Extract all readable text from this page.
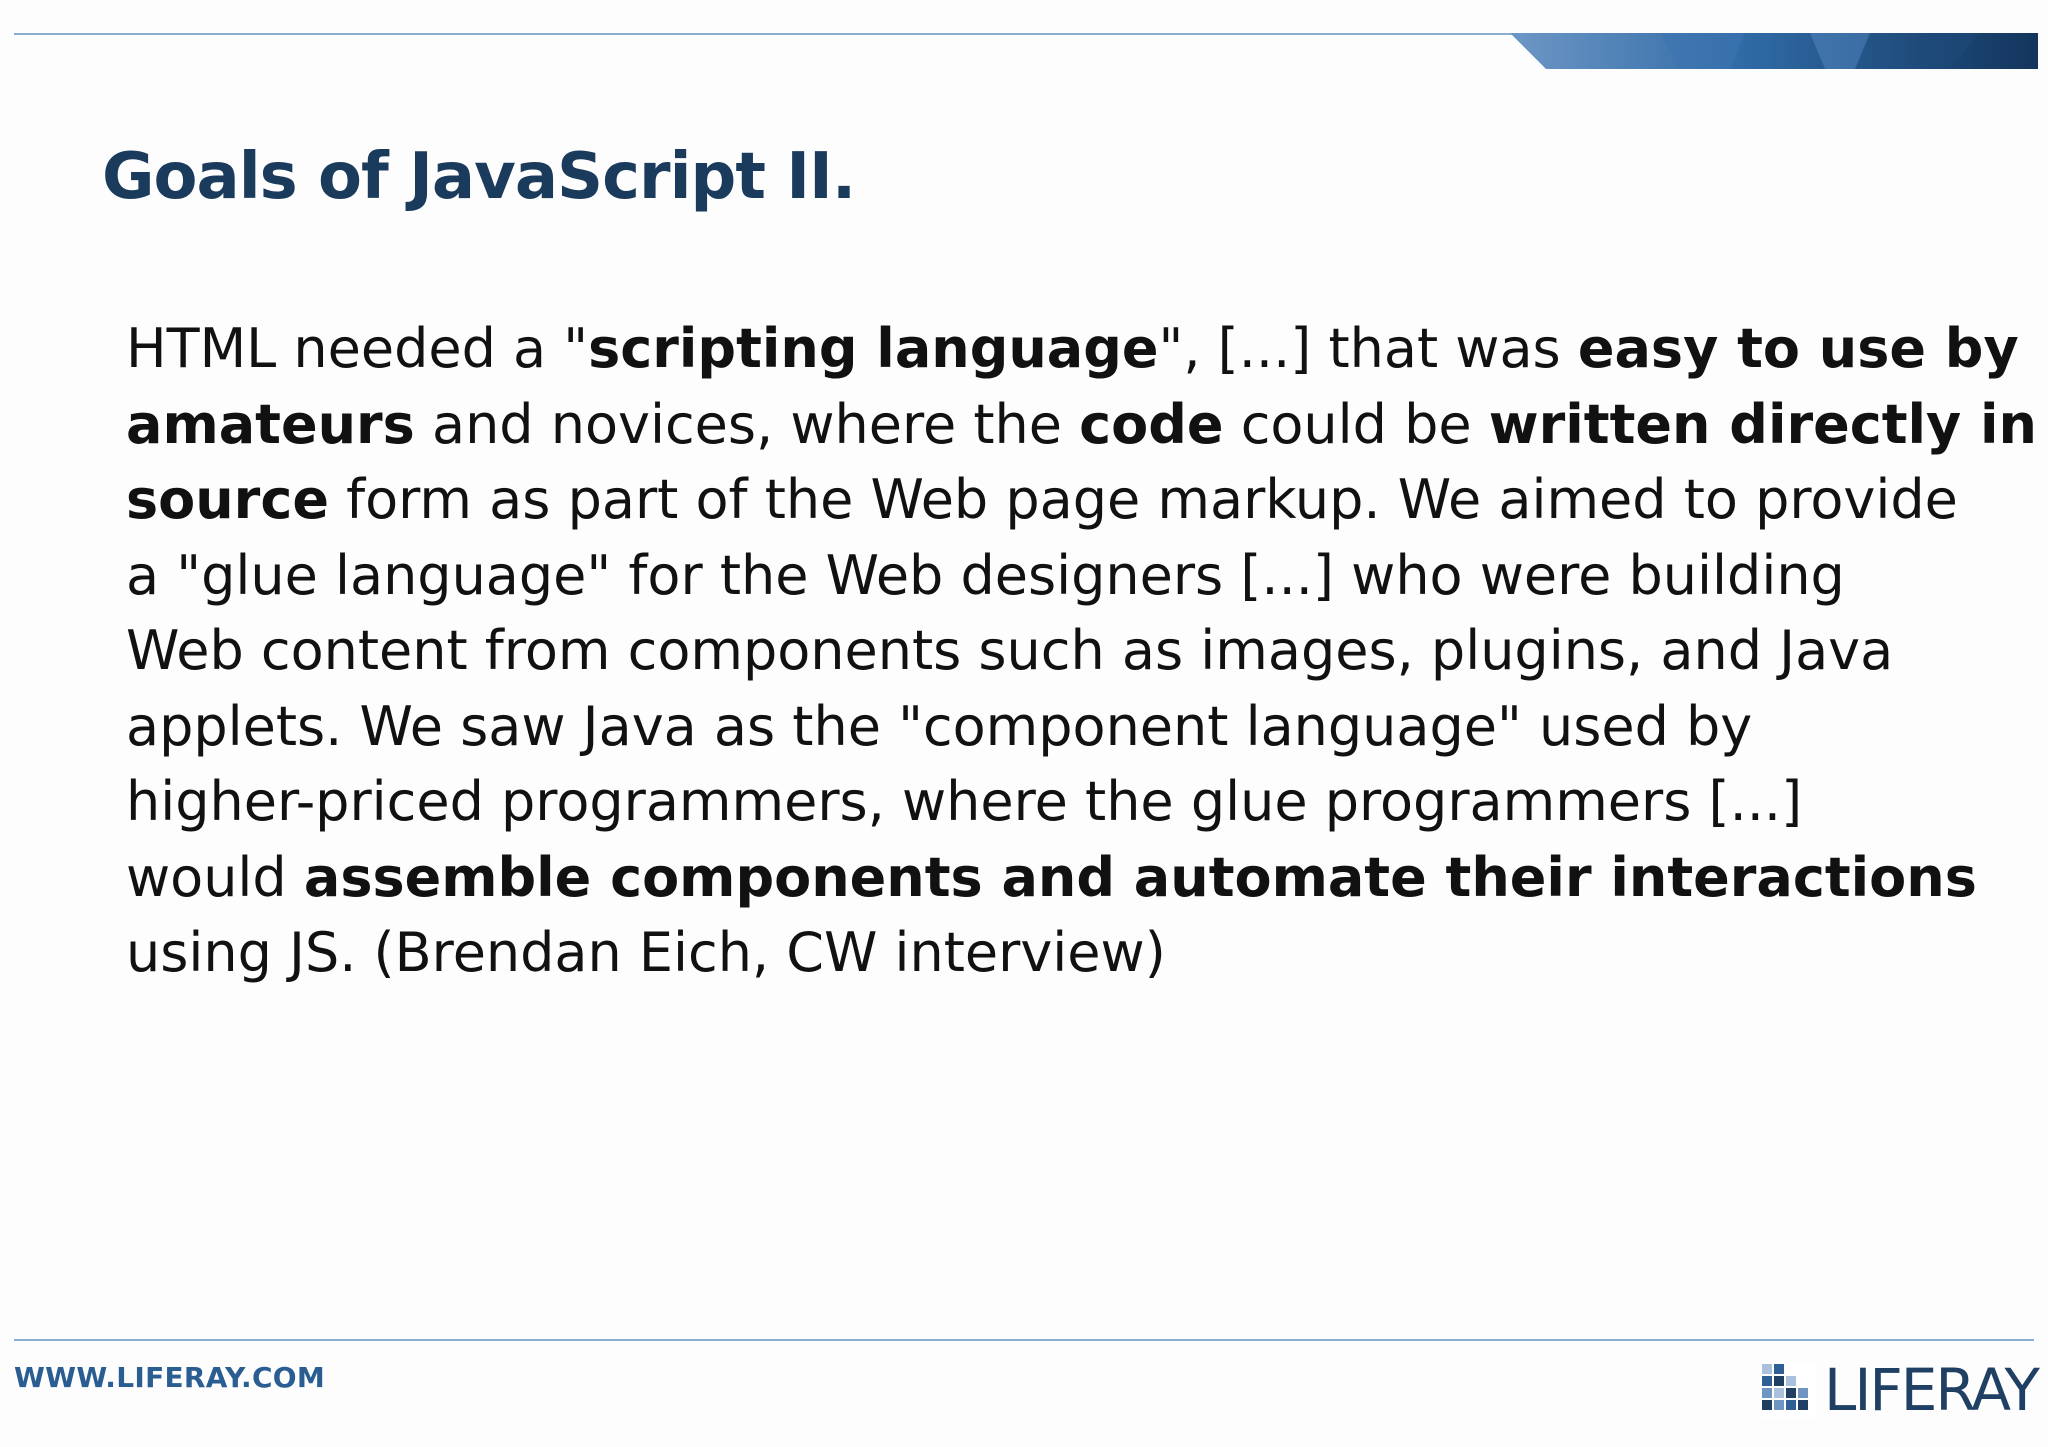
Goals of JavaScript II.

HTML needed a "scripting language", [...] that was easy to use by
amateurs and novices, where the code could be written directly in
source form as part of the Web page markup. We aimed to provide
a "glue language" for the Web designers [...] who were building
Web content from components such as images, plugins, and Java
applets. We saw Java as the "component language" used by
higher-priced programmers, where the glue programmers [...]
would assemble components and automate their interactions
using JS. (Brendan Eich, CW interview)

WWW.LIFERAY.COM	LIFERAY
